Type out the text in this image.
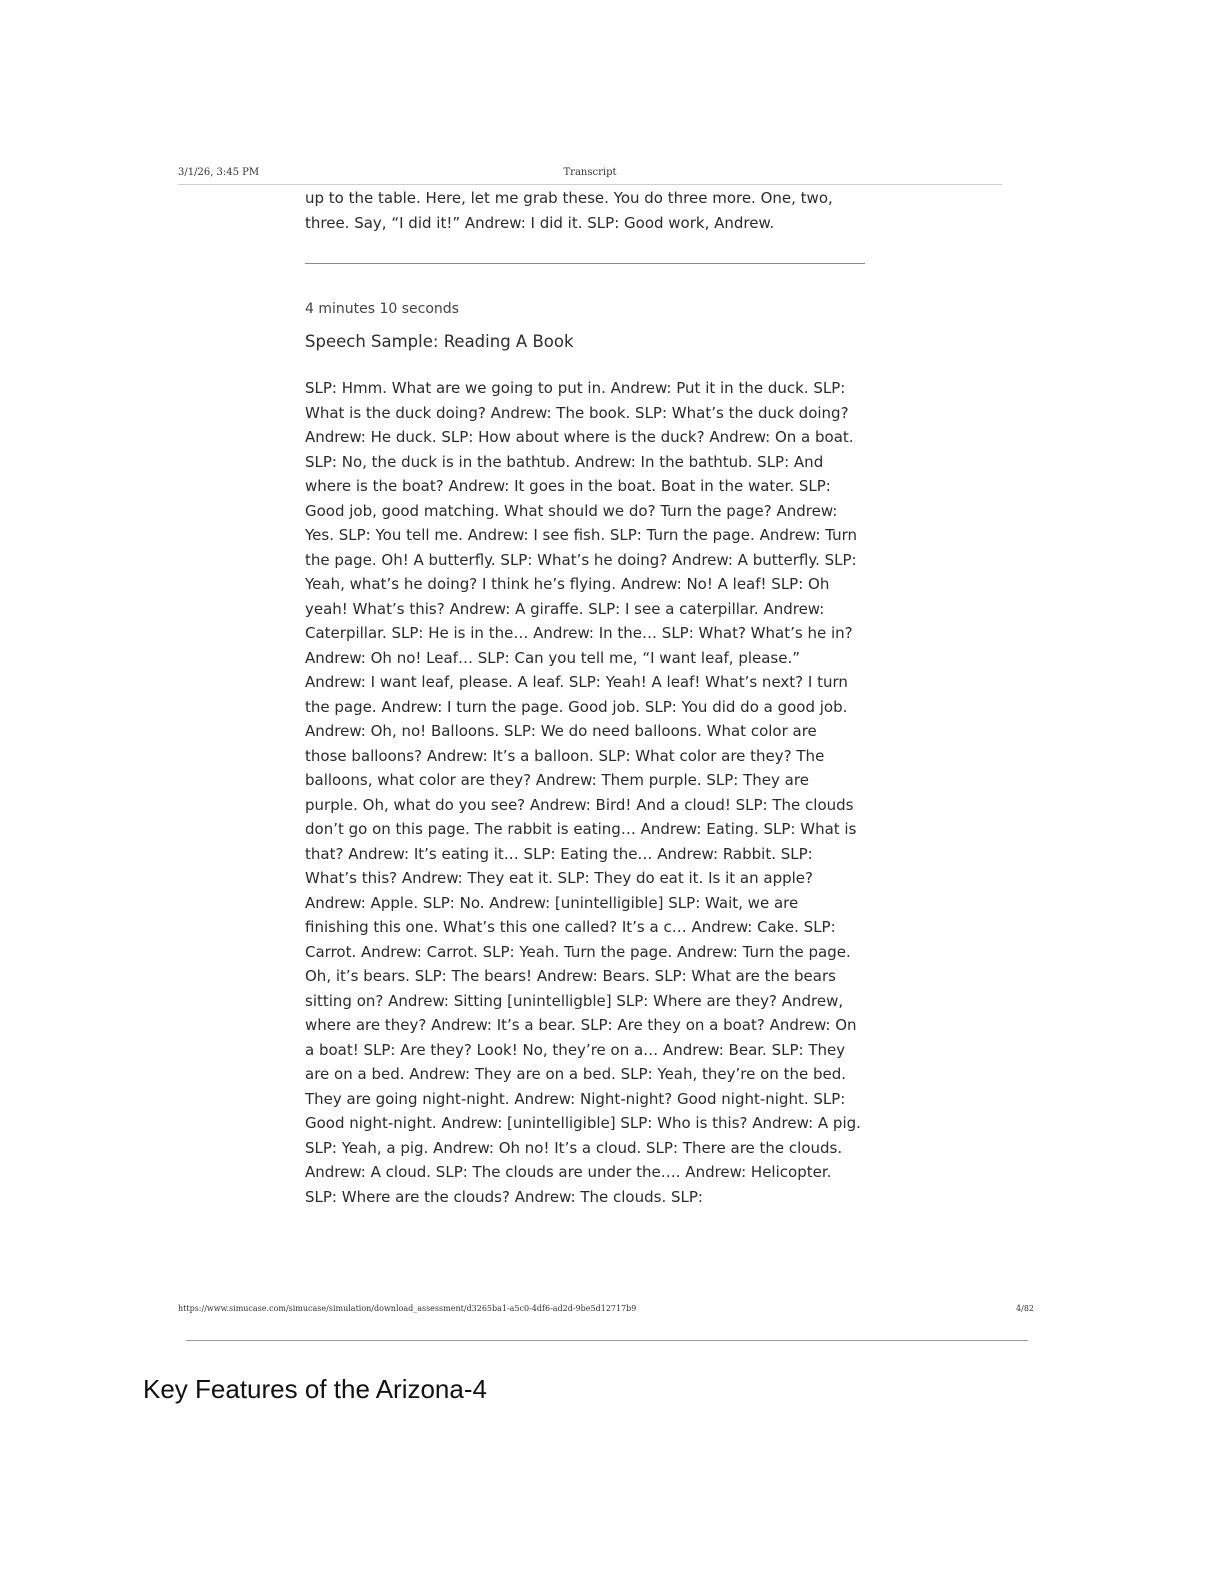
3/1/26, 3:45 PM	Transcript

up to the table. Here, let me grab these. You do three more. One, two, three. Say, “I did it!” Andrew: I did it. SLP: Good work, Andrew.

4 minutes 10 seconds
Speech Sample: Reading A Book

SLP: Hmm. What are we going to put in. Andrew: Put it in the duck. SLP: What is the duck doing? Andrew: The book. SLP: What’s the duck doing? Andrew: He duck. SLP: How about where is the duck? Andrew: On a boat. SLP: No, the duck is in the bathtub. Andrew: In the bathtub. SLP: And where is the boat? Andrew: It goes in the boat. Boat in the water. SLP: Good job, good matching. What should we do? Turn the page? Andrew: Yes. SLP: You tell me. Andrew: I see fish. SLP: Turn the page. Andrew: Turn the page. Oh! A butterfly. SLP: What’s he doing? Andrew: A butterfly. SLP: Yeah, what’s he doing? I think he’s flying. Andrew: No! A leaf! SLP: Oh yeah! What’s this? Andrew: A giraffe. SLP: I see a caterpillar. Andrew: Caterpillar. SLP: He is in the… Andrew: In the… SLP: What? What’s he in? Andrew: Oh no! Leaf… SLP: Can you tell me, “I want leaf, please.” Andrew: I want leaf, please. A leaf. SLP: Yeah! A leaf! What’s next? I turn the page. Andrew: I turn the page. Good job. SLP: You did do a good job. Andrew: Oh, no! Balloons. SLP: We do need balloons. What color are those balloons? Andrew: It’s a balloon. SLP: What color are they? The balloons, what color are they? Andrew: Them purple. SLP: They are purple. Oh, what do you see? Andrew: Bird! And a cloud! SLP: The clouds don’t go on this page. The rabbit is eating… Andrew: Eating. SLP: What is that? Andrew: It’s eating it… SLP: Eating the… Andrew: Rabbit. SLP: What’s this? Andrew: They eat it. SLP: They do eat it. Is it an apple? Andrew: Apple. SLP: No. Andrew: [unintelligible] SLP: Wait, we are finishing this one. What’s this one called? It’s a c… Andrew: Cake. SLP: Carrot. Andrew: Carrot. SLP: Yeah. Turn the page. Andrew: Turn the page. Oh, it’s bears. SLP: The bears! Andrew: Bears. SLP: What are the bears sitting on? Andrew: Sitting [unintelligble] SLP: Where are they? Andrew, where are they? Andrew: It’s a bear. SLP: Are they on a boat? Andrew: On a boat! SLP: Are they? Look! No, they’re on a… Andrew: Bear. SLP: They are on a bed. Andrew: They are on a bed. SLP: Yeah, they’re on the bed. They are going night-night. Andrew: Night-night? Good night-night. SLP: Good night-night. Andrew: [unintelligible] SLP: Who is this? Andrew: A pig. SLP: Yeah, a pig. Andrew: Oh no! It’s a cloud. SLP: There are the clouds. Andrew: A cloud. SLP: The clouds are under the…. Andrew: Helicopter. SLP: Where are the clouds? Andrew: The clouds. SLP:

https://www.simucase.com/simucase/simulation/download_assessment/d3265ba1-a5c0-4df6-ad2d-9be5d12717b9	4/82
Key Features of the Arizona-4
